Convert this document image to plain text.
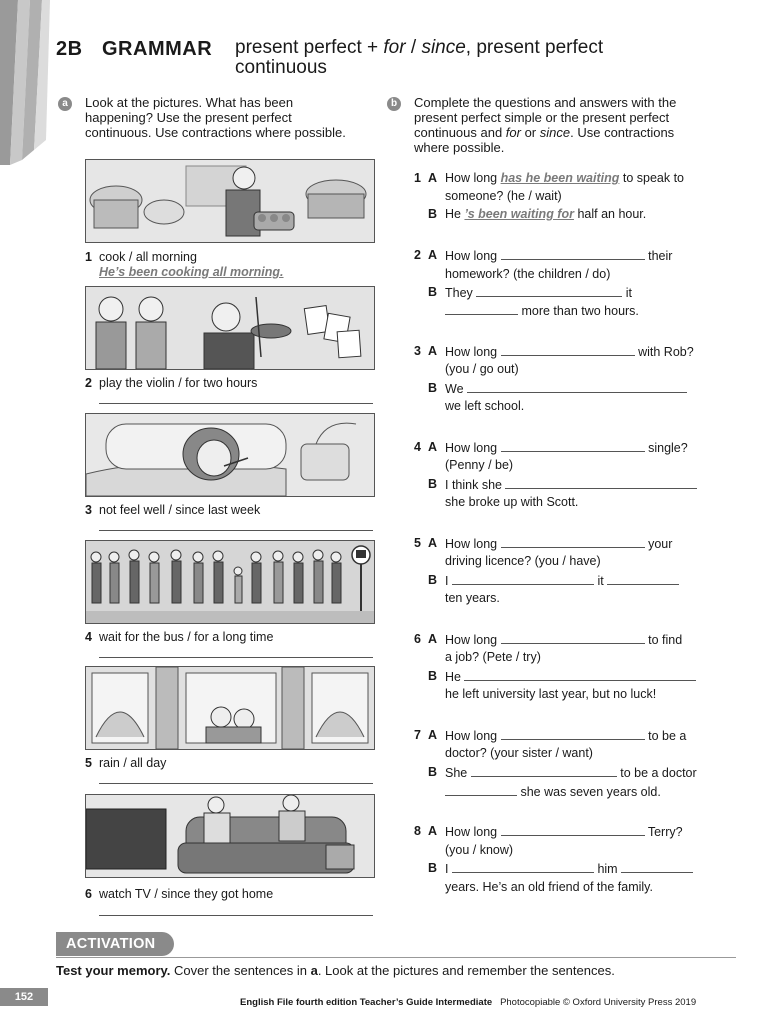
2B GRAMMAR present perfect + for / since, present perfect
continuous
a	Look at the pictures. What has been
happening? Use the present perfect
continuous. Use contractions where possible.
1 cook / all morning
He’s been cooking all morning.
2 play the violin / for two hours
3 not feel well / since last week
4 wait for the bus / for a long time
5 rain / all day
6 watch TV / since they got home
b	Complete the questions and answers with the
present perfect simple or the present perfect
continuous and for or since. Use contractions
where possible.
1 A How long has he been waiting to speak to
someone? (he / wait)
B He ’s been waiting for half an hour.
2 A How long	their
homework? (the children / do)
B They	it
more than two hours.
3 A How long	with Rob?
(you / go out)
B We
we left school.
4 A How long	single?
(Penny / be)
B I think she
she broke up with Scott.
5 A How long	your
driving licence? (you / have)
B I	it
ten years.
6 A How long	to find
a job? (Pete / try)
B He
he left university last year, but no luck!
7 A How long	to be a
doctor? (your sister / want)
B She	to be a doctor
she was seven years old.
8 A How long	Terry?
(you / know)
B I	him
years. He’s an old friend of the family.
ACTIVATION
Test your memory. Cover the sentences in a. Look at the pictures and remember the sentences.
152	English File fourth edition Teacher’s Guide Intermediate Photocopiable © Oxford University Press 2019
